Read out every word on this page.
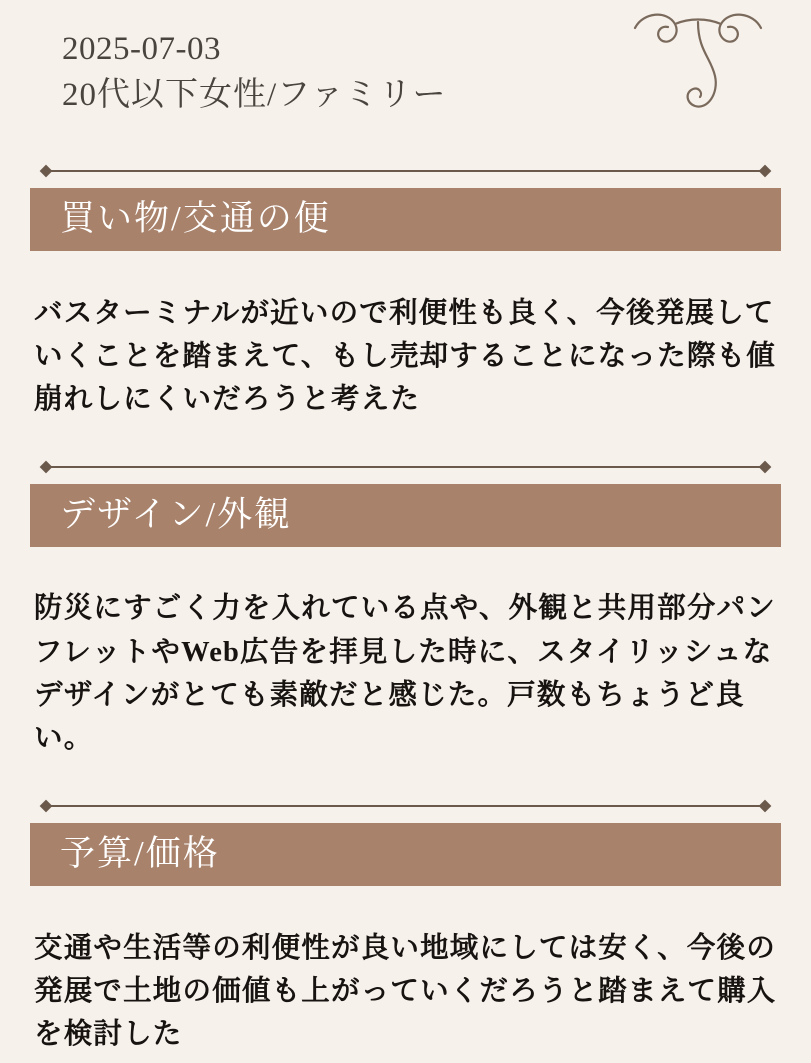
2025-07-03
20代以下女性/ファミリー
買い物/交通の便

バスターミナルが近いので利便性も良く、今後発展していくことを踏まえて、もし売却することになった際も値崩れしにくいだろうと考えた

デザイン/外観

防災にすごく力を入れている点や、外観と共用部分パンフレットやWeb広告を拝見した時に、スタイリッシュなデザインがとても素敵だと感じた。戸数もちょうど良い。

予算/価格

交通や生活等の利便性が良い地域にしては安く、今後の発展で土地の価値も上がっていくだろうと踏まえて購入を検討した
